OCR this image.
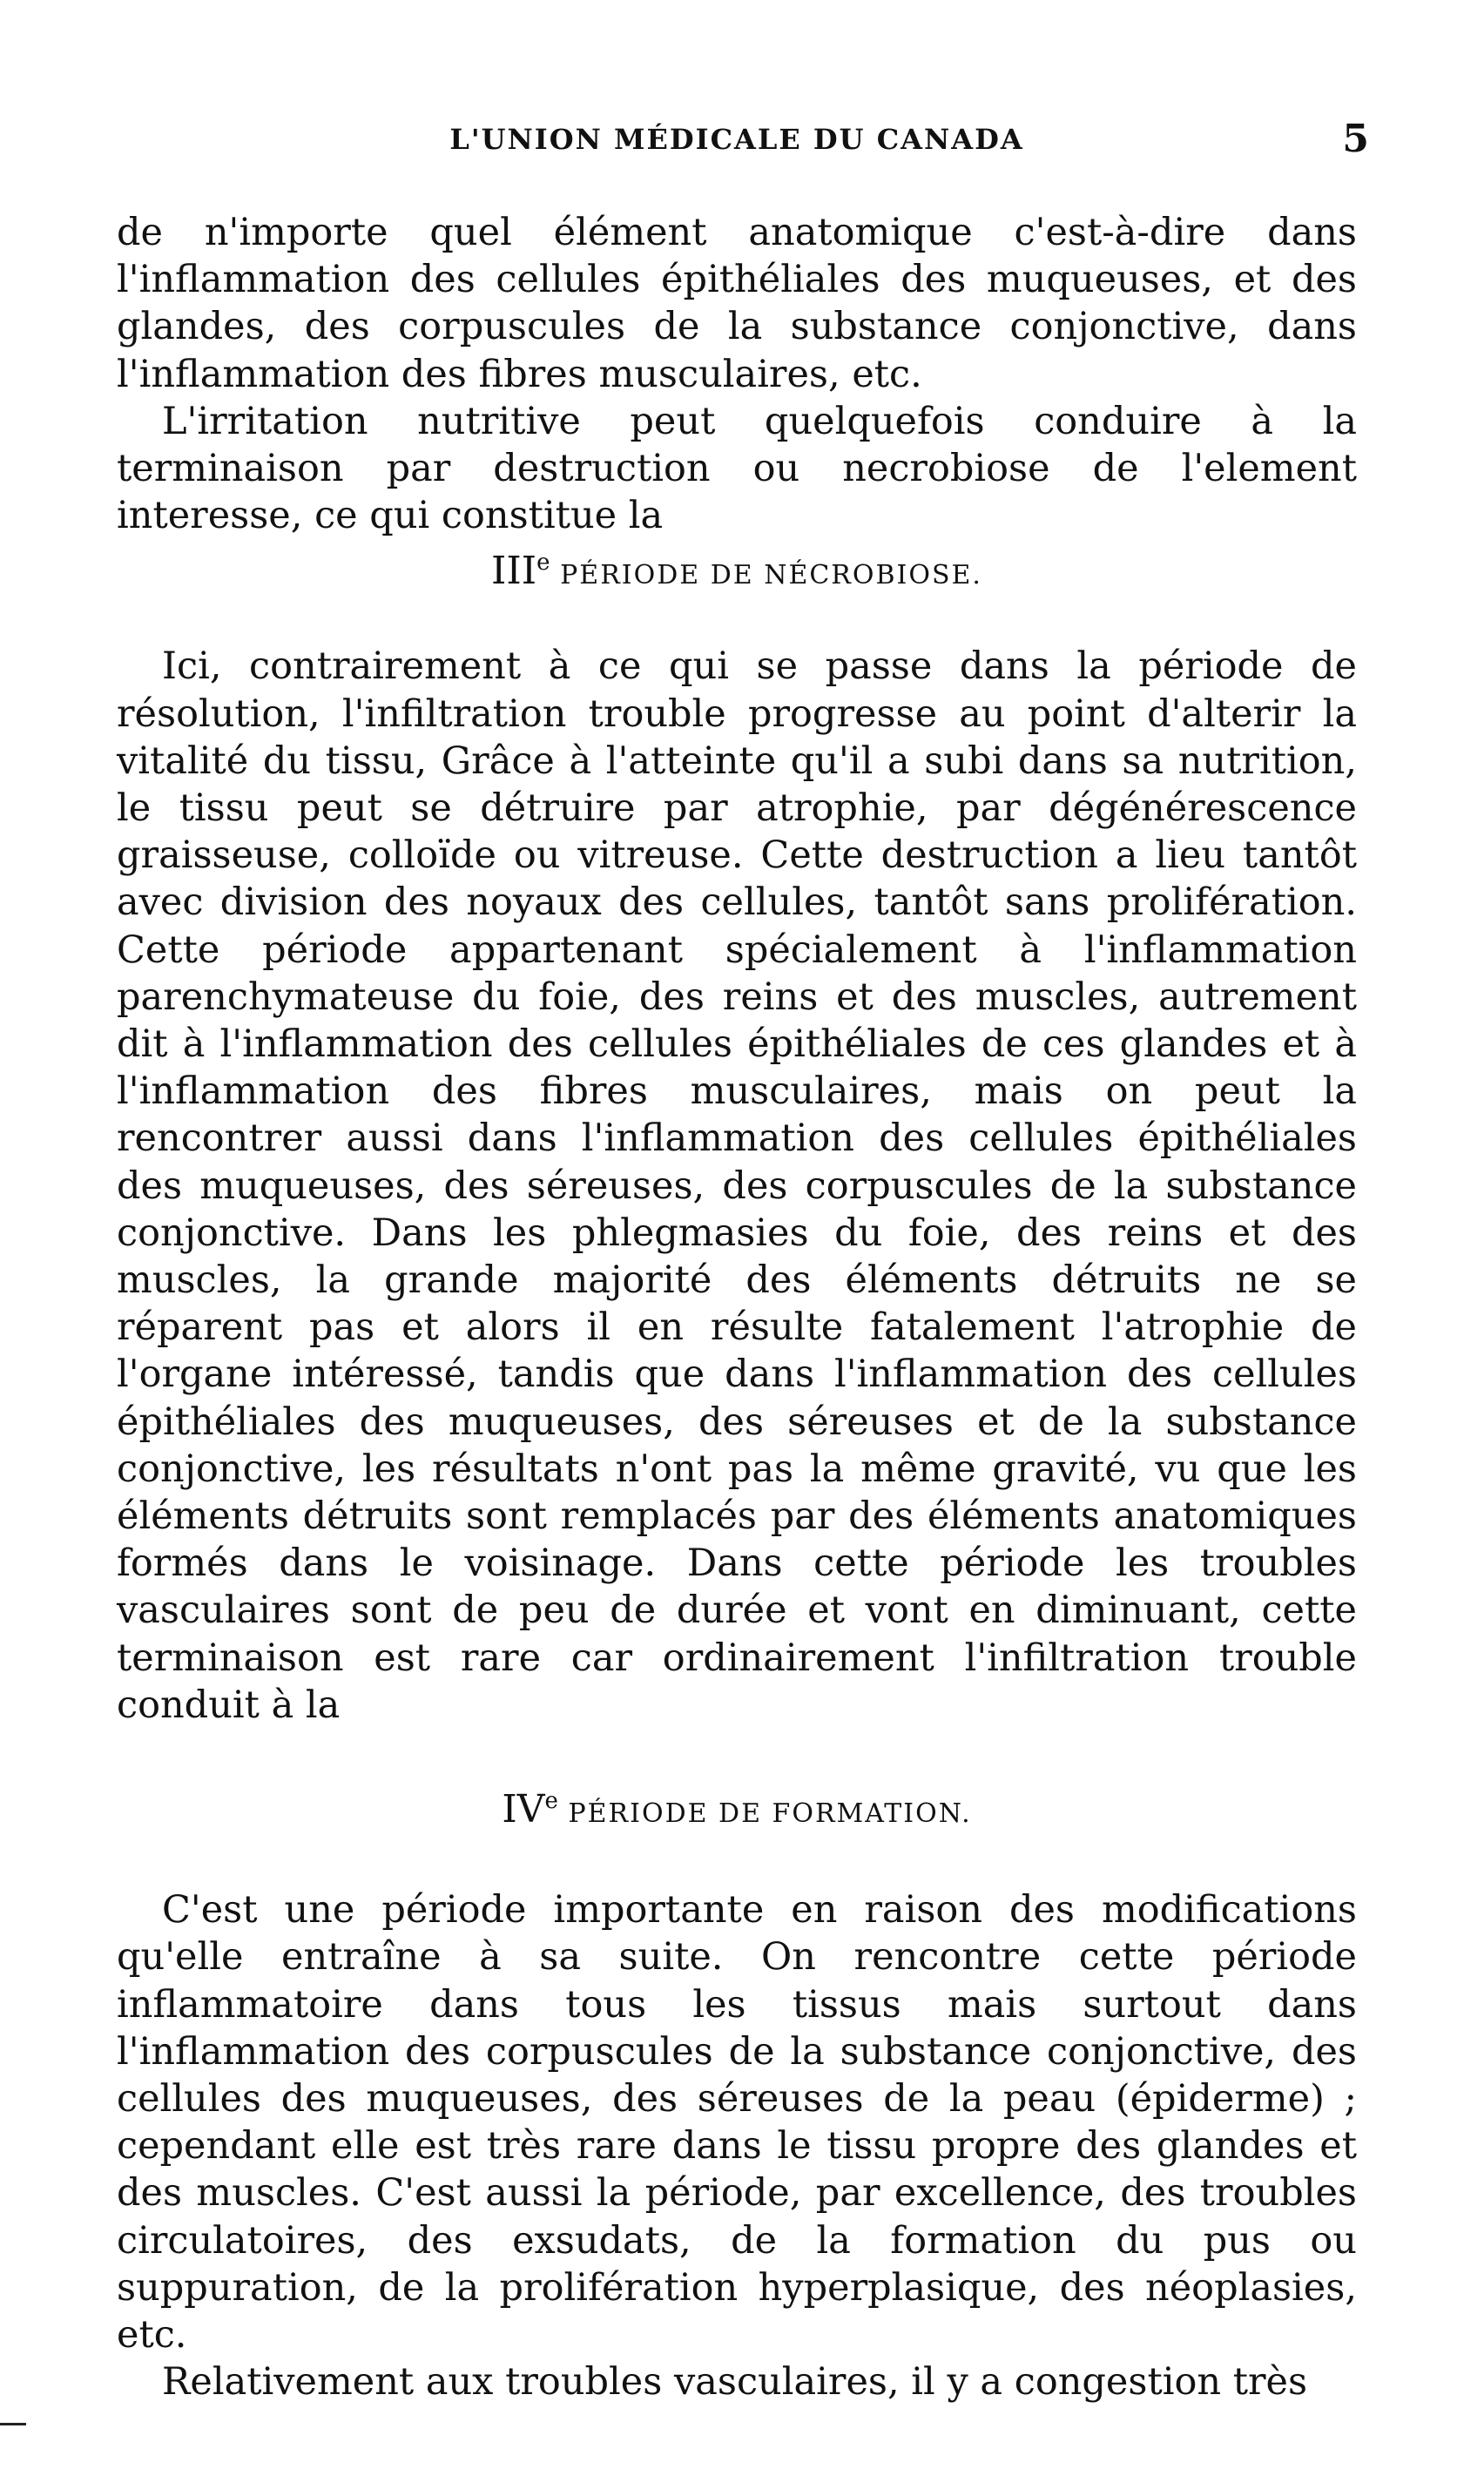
L'UNION MÉDICALE DU CANADA	5

de n'importe quel élément anatomique c'est-à-dire dans l'inflammation des cellules épithéliales des muqueuses, et des glandes, des corpuscules de la substance conjonctive, dans l'inflammation des fibres musculaires, etc.

L'irritation nutritive peut quelquefois conduire à la terminaison par destruction ou necrobiose de l'element interesse, ce qui constitue la

IIIe PÉRIODE DE NÉCROBIOSE.

Ici, contrairement à ce qui se passe dans la période de résolution, l'infiltration trouble progresse au point d'alterir la vitalité du tissu, Grâce à l'atteinte qu'il a subi dans sa nutrition, le tissu peut se détruire par atrophie, par dégénérescence graisseuse, colloïde ou vitreuse. Cette destruction a lieu tantôt avec division des noyaux des cellules, tantôt sans prolifération. Cette période appartenant spécialement à l'inflammation parenchymateuse du foie, des reins et des muscles, autrement dit à l'inflammation des cellules épithéliales de ces glandes et à l'inflammation des fibres musculaires, mais on peut la rencontrer aussi dans l'inflammation des cellules épithéliales des muqueuses, des séreuses, des corpuscules de la substance conjonctive. Dans les phlegmasies du foie, des reins et des muscles, la grande majorité des éléments détruits ne se réparent pas et alors il en résulte fatalement l'atrophie de l'organe intéressé, tandis que dans l'inflammation des cellules épithéliales des muqueuses, des séreuses et de la substance conjonctive, les résultats n'ont pas la même gravité, vu que les éléments détruits sont remplacés par des éléments anatomiques formés dans le voisinage. Dans cette période les troubles vasculaires sont de peu de durée et vont en diminuant, cette terminaison est rare car ordinairement l'infiltration trouble conduit à la

IVe PÉRIODE DE FORMATION.

C'est une période importante en raison des modifications qu'elle entraîne à sa suite. On rencontre cette période inflammatoire dans tous les tissus mais surtout dans l'inflammation des corpuscules de la substance conjonctive, des cellules des muqueuses, des séreuses de la peau (épiderme) ; cependant elle est très rare dans le tissu propre des glandes et des muscles. C'est aussi la période, par excellence, des troubles circulatoires, des exsudats, de la formation du pus ou suppuration, de la prolifération hyperplasique, des néoplasies, etc.

Relativement aux troubles vasculaires, il y a congestion très
